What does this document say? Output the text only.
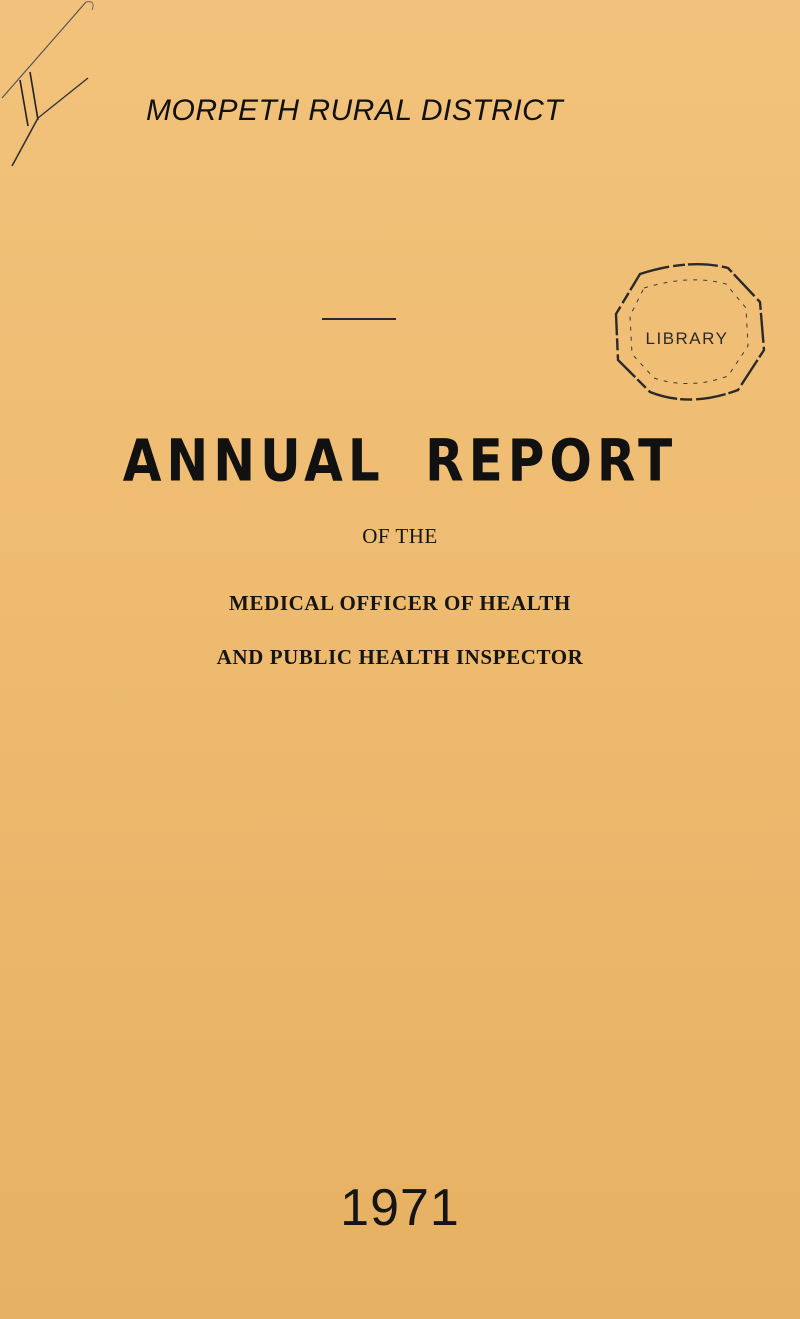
MORPETH RURAL DISTRICT
LIBRARY
ANNUAL REPORT
OF THE
MEDICAL OFFICER OF HEALTH
AND PUBLIC HEALTH INSPECTOR
1971
